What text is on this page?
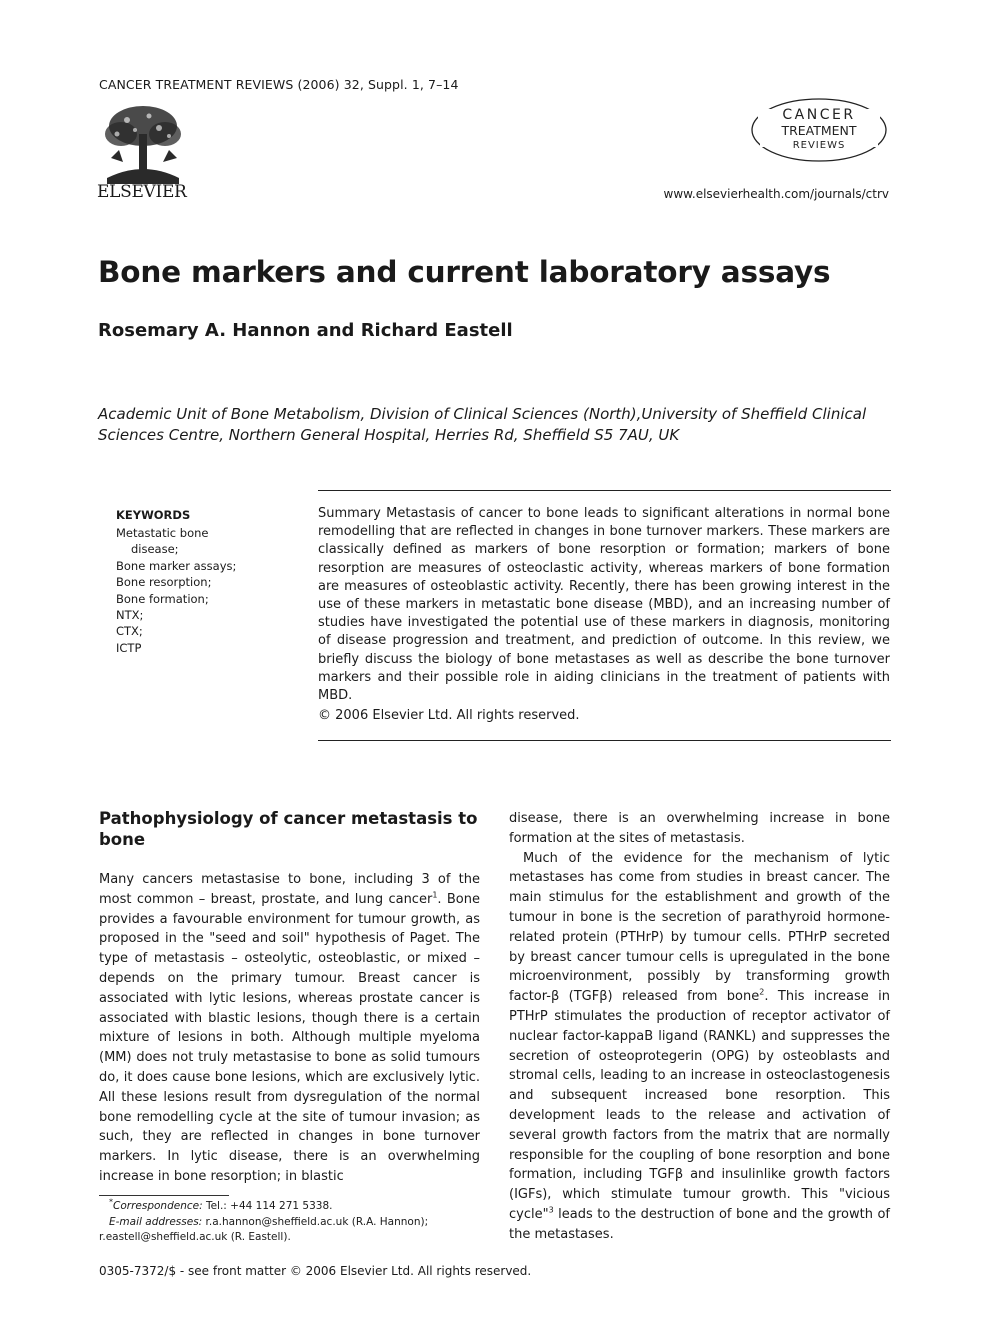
CANCER TREATMENT REVIEWS (2006) 32, Suppl. 1, 7–14
ELSEVIER
CANCER
TREATMENT
REVIEWS
www.elsevierhealth.com/journals/ctrv
Bone markers and current laboratory assays
Rosemary A. Hannon and Richard Eastell
Academic Unit of Bone Metabolism, Division of Clinical Sciences (North),University of Sheffield Clinical Sciences Centre, Northern General Hospital, Herries Rd, Sheffield S5 7AU, UK
KEYWORDS
Metastatic bone
disease;
Bone marker assays;
Bone resorption;
Bone formation;
NTX;
CTX;
ICTP
Summary Metastasis of cancer to bone leads to significant alterations in normal bone remodelling that are reflected in changes in bone turnover markers. These markers are classically defined as markers of bone resorption or formation; markers of bone resorption are measures of osteoclastic activity, whereas markers of bone formation are measures of osteoblastic activity. Recently, there has been growing interest in the use of these markers in metastatic bone disease (MBD), and an increasing number of studies have investigated the potential use of these markers in diagnosis, monitoring of disease progression and treatment, and prediction of outcome. In this review, we briefly discuss the biology of bone metastases as well as describe the bone turnover markers and their possible role in aiding clinicians in the treatment of patients with MBD.
© 2006 Elsevier Ltd. All rights reserved.
Pathophysiology of cancer metastasis to bone

Many cancers metastasise to bone, including 3 of the most common – breast, prostate, and lung cancer$^1$. Bone provides a favourable environment for tumour growth, as proposed in the "seed and soil" hypothesis of Paget. The type of metastasis – osteolytic, osteoblastic, or mixed – depends on the primary tumour. Breast cancer is associated with lytic lesions, whereas prostate cancer is associated with blastic lesions, though there is a certain mixture of lesions in both. Although multiple myeloma (MM) does not truly metastasise to bone as solid tumours do, it does cause bone lesions, which are exclusively lytic. All these lesions result from dysregulation of the normal bone remodelling cycle at the site of tumour invasion; as such, they are reflected in changes in bone turnover markers. In lytic disease, there is an overwhelming increase in bone resorption; in blastic

disease, there is an overwhelming increase in bone formation at the sites of metastasis.

Much of the evidence for the mechanism of lytic metastases has come from studies in breast cancer. The main stimulus for the establishment and growth of the tumour in bone is the secretion of parathyroid hormone-related protein (PTHrP) by tumour cells. PTHrP secreted by breast cancer tumour cells is upregulated in the bone microenvironment, possibly by transforming growth factor-β (TGFβ) released from bone$^2$. This increase in PTHrP stimulates the production of receptor activator of nuclear factor-kappaB ligand (RANKL) and suppresses the secretion of osteoprotegerin (OPG) by osteoblasts and stromal cells, leading to an increase in osteoclastogenesis and subsequent increased bone resorption. This development leads to the release and activation of several growth factors from the matrix that are normally responsible for the coupling of bone resorption and bone formation, including TGFβ and insulinlike growth factors (IGFs), which stimulate tumour growth. This "vicious cycle"$^3$ leads to the destruction of bone and the growth of the metastases.

*Correspondence: Tel.: +44 114 271 5338.
E-mail addresses: r.a.hannon@sheffield.ac.uk (R.A. Hannon);
r.eastell@sheffield.ac.uk (R. Eastell).
0305-7372/$ - see front matter © 2006 Elsevier Ltd. All rights reserved.
